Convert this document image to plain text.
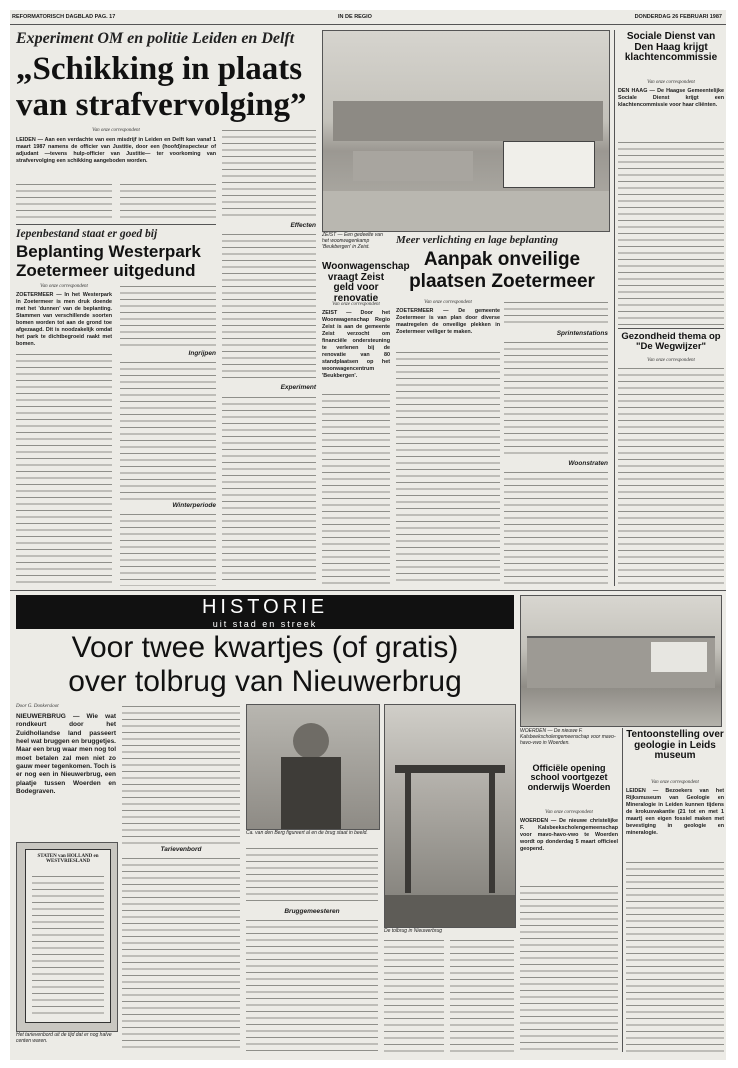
REFORMATORISCH DAGBLAD PAG. 17	IN DE REGIO	DONDERDAG 26 FEBRUARI 1987
Experiment OM en politie Leiden en Delft
„Schikking in plaats
van strafvervolging”
Van onze correspondent
LEIDEN — Aan een verdachte van een misdrijf in Leiden en Delft kan vanaf 1 maart 1987 namens de officier van Justitie, door een (hoofd)inspecteur of adjudant —tevens hulp-officier van Justitie— ter voorkoming van strafvervolging een schikking aangeboden worden.
Effecten
Experiment
Iepenbestand staat er goed bij
Beplanting Westerpark
Zoetermeer uitgedund
Van onze correspondent
ZOETERMEER — In het Westerpark in Zoetermeer is men druk doende met het 'dunnen' van de beplanting. Stammen van verschillende soorten bomen worden tot aan de grond toe afgezaagd. Dit is noodzakelijk omdat het park te dichtbegroeid raakt met bomen.
Ingrijpen
Winterperiode
ZEIST — Een gedeelte van het woonwagenkamp 'Beukbergen' in Zeist.
Woonwagenschap vraagt Zeist geld voor renovatie
Van onze correspondent
ZEIST — Door het Woonwagenschap Regio Zeist is aan de gemeente Zeist verzocht om financiële ondersteuning te verlenen bij de renovatie van 80 standplaatsen op het woonwagencentrum 'Beukbergen'.
Meer verlichting en lage beplanting
Aanpak onveilige
plaatsen Zoetermeer
Van onze correspondent
ZOETERMEER — De gemeente Zoetermeer is van plan door diverse maatregelen de onveilige plekken in Zoetermeer veiliger te maken.	Sprintenstations
Woonstraten
Sociale Dienst van Den Haag krijgt klachtencommissie
Van onze correspondent
DEN HAAG — De Haagse Gemeentelijke Sociale Dienst krijgt een klachtencommissie voor haar cliënten.
Gezondheid thema op "De Wegwijzer"
Van onze correspondent
HISTORIE
uit stad en streek
Voor twee kwartjes (of gratis)
over tolbrug van Nieuwerbrug
Door G. Donkersloot
NIEUWERBRUG — Wie wat rondkeurt door het Zuidhollandse land passeert heel wat bruggen en bruggetjes. Maar een brug waar men nog tol moet betalen zal men niet zo gauw meer tegenkomen. Toch is er nog een in Nieuwerbrug, een plaatje tussen Woerden en Bodegraven.
STATEN van HOLLAND en WESTVRIESLAND
Het tarievenbord uit de tijd dat er nog halve centen waren.
Tarievenbord
Ca. van den Berg figureert al en de brug staat in beeld.
Bruggemeesteren
De tolbrug in Nieuwerbrug
WOERDEN — De nieuwe F. Kalsbeekscholengemeenschap voor mavo-havo-vwo in Woerden.
Officiële opening school voortgezet onderwijs Woerden
Van onze correspondent
WOERDEN — De nieuwe christelijke F. Kalsbeekscholengemeenschap voor mavo-havo-vwo te Woerden wordt op donderdag 5 maart officieel geopend.
Tentoonstelling over geologie in Leids museum
Van onze correspondent
LEIDEN — Bezoekers van het Rijksmuseum van Geologie en Mineralogie in Leiden kunnen tijdens de krokusvakantie (21 tot en met 1 maart) een eigen fossiel maken met bevestiging in geologie en mineralogie.
